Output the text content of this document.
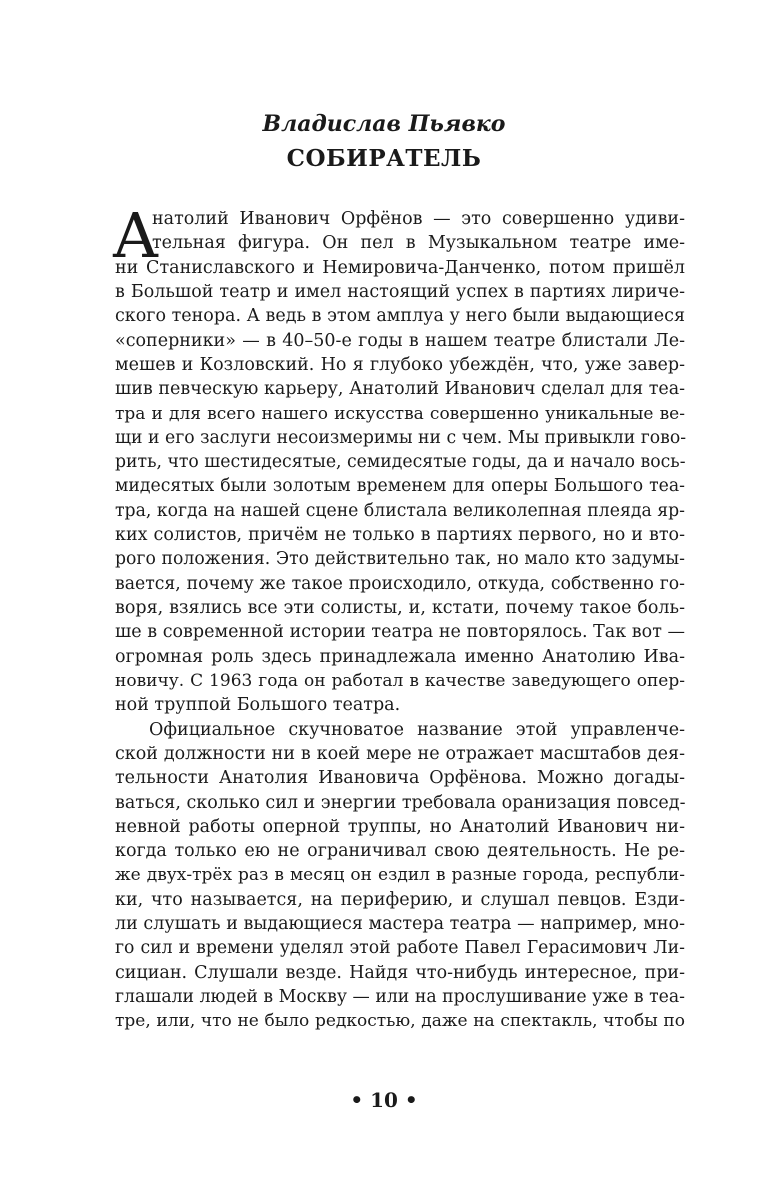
Владислав Пьявко
СОБИРАТЕЛЬ
А
натолий Иванович Орфёнов — это совершенно удиви-
тельная фигура. Он пел в Музыкальном театре име-
ни Станиславского и Немировича-Данченко, потом пришёл
в Большой театр и имел настоящий успех в партиях лириче-
ского тенора. А ведь в этом амплуа у него были выдающиеся
«соперники» — в 40–50-е годы в нашем театре блистали Ле-
мешев и Козловский. Но я глубоко убеждён, что, уже завер-
шив певческую карьеру, Анатолий Иванович сделал для теа-
тра и для всего нашего искусства совершенно уникальные ве-
щи и его заслуги несоизмеримы ни с чем. Мы привыкли гово-
рить, что шестидесятые, семидесятые годы, да и начало вось-
мидесятых были золотым временем для оперы Большого теа-
тра, когда на нашей сцене блистала великолепная плеяда яр-
ких солистов, причём не только в партиях первого, но и вто-
рого положения. Это действительно так, но мало кто задумы-
вается, почему же такое происходило, откуда, собственно го-
воря, взялись все эти солисты, и, кстати, почему такое боль-
ше в современной истории театра не повторялось. Так вот —
огромная роль здесь принадлежала именно Анатолию Ива-
новичу. С 1963 года он работал в качестве заведующего опер-
ной труппой Большого театра.
Официальное скучноватое название этой управленче-
ской должности ни в коей мере не отражает масштабов дея-
тельности Анатолия Ивановича Орфёнова. Можно догады-
ваться, сколько сил и энергии требовала оранизация повсед-
невной работы оперной труппы, но Анатолий Иванович ни-
когда только ею не ограничивал свою деятельность. Не ре-
же двух-трёх раз в месяц он ездил в разные города, республи-
ки, что называется, на периферию, и слушал певцов. Езди-
ли слушать и выдающиеся мастера театра — например, мно-
го сил и времени уделял этой работе Павел Герасимович Ли-
сициан. Слушали везде. Найдя что-нибудь интересное, при-
глашали людей в Москву — или на прослушивание уже в теа-
тре, или, что не было редкостью, даже на спектакль, чтобы по
• 10 •
